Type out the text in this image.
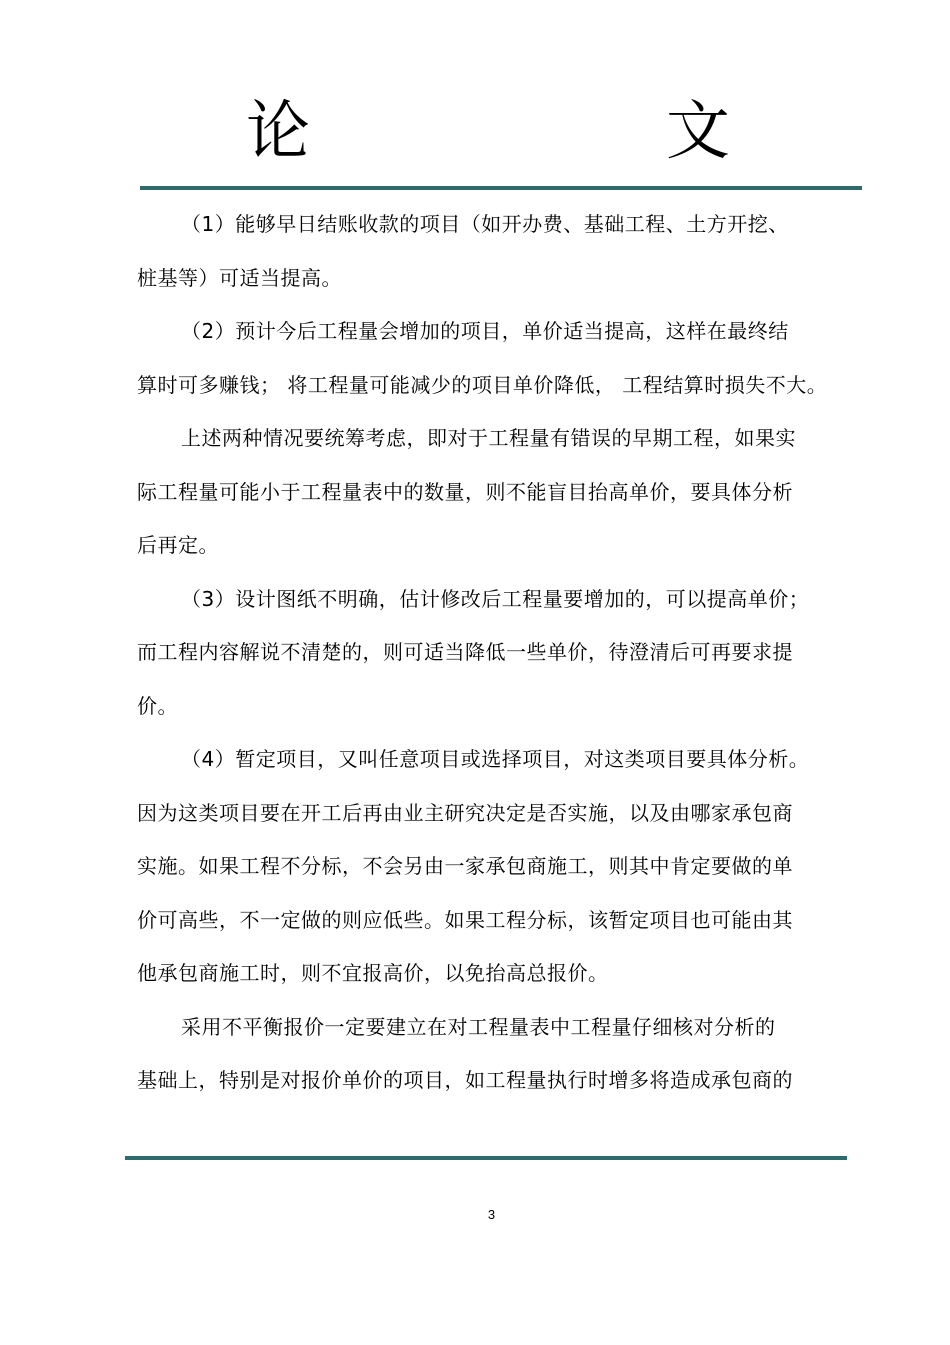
论	文

（1）能够早日结账收款的项目（如开办费、基础工程、土方开挖、
桩基等）可适当提高。

（2）预计今后工程量会增加的项目，单价适当提高，这样在最终结
算时可多赚钱； 将工程量可能减少的项目单价降低， 工程结算时损失不大。

上述两种情况要统筹考虑，即对于工程量有错误的早期工程，如果实
际工程量可能小于工程量表中的数量，则不能盲目抬高单价，要具体分析
后再定。

（3）设计图纸不明确，估计修改后工程量要增加的，可以提高单价；
而工程内容解说不清楚的，则可适当降低一些单价，待澄清后可再要求提
价。

（4）暂定项目，又叫任意项目或选择项目，对这类项目要具体分析。
因为这类项目要在开工后再由业主研究决定是否实施，以及由哪家承包商
实施。如果工程不分标，不会另由一家承包商施工，则其中肯定要做的单
价可高些，不一定做的则应低些。如果工程分标，该暂定项目也可能由其
他承包商施工时，则不宜报高价，以免抬高总报价。

采用不平衡报价一定要建立在对工程量表中工程量仔细核对分析的
基础上，特别是对报价单价的项目，如工程量执行时增多将造成承包商的

3
